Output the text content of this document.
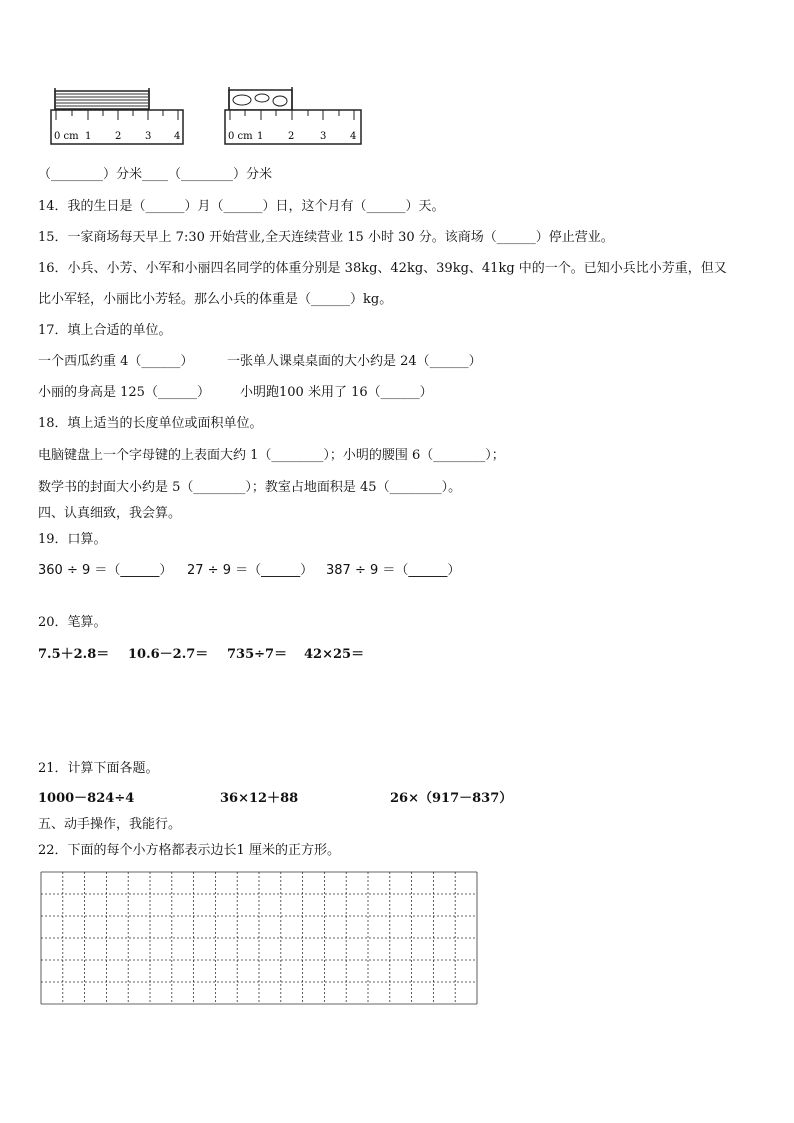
0 cm 1 2 3 4	0 cm 1 2	3 4
（________）分米____（________）分米
14．我的生日是（______）月（______）日，这个月有（______）天。
15．一家商场每天早上 7:30 开始营业,全天连续营业 15 小时 30 分。该商场（______）停止营业。
16．小兵、小芳、小军和小丽四名同学的体重分别是 38kg、42kg、39kg、41kg 中的一个。已知小兵比小芳重，但又
比小军轻，小丽比小芳轻。那么小兵的体重是（______）kg。
17．填上合适的单位。
一个西瓜约重 4（______）	一张单人课桌桌面的大小约是 24（______）
小丽的身高是 125（______） 小明跑100 米用了 16（______）
18．填上适当的长度单位或面积单位。
电脑键盘上一个字母键的上表面大约 1（________）；小明的腰围 6（________）；
数学书的封面大小约是 5（________）；教室占地面积是 45（________）。
四、认真细致，我会算。
19．口算。
360 ÷ 9 ＝（______） 27 ÷ 9 ＝（______） 387 ÷ 9 ＝（______）
20．笔算。
7.5＋2.8＝ 10.6－2.7＝ 735÷7＝ 42×25＝
21．计算下面各题。
1000－824÷4	36×12＋88	26×（917－837）
五、动手操作，我能行。
22．下面的每个小方格都表示边长1 厘米的正方形。
